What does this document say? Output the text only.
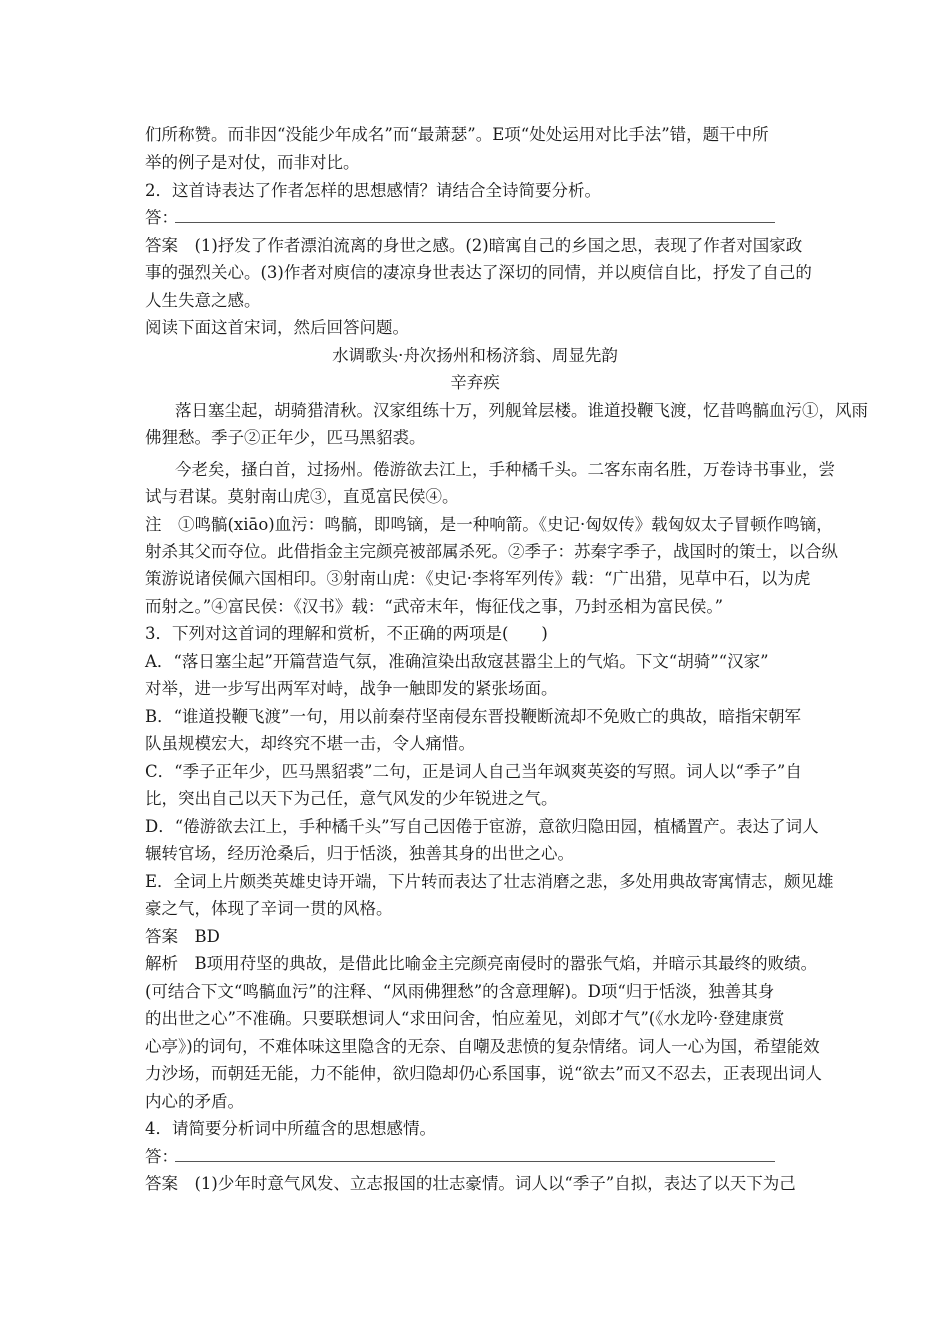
们所称赞。而非因“没能少年成名”而“最萧瑟”。E项“处处运用对比手法”错，题干中所
举的例子是对仗，而非对比。
2．这首诗表达了作者怎样的思想感情？请结合全诗简要分析。
答：
答案　(1)抒发了作者漂泊流离的身世之感。(2)暗寓自己的乡国之思，表现了作者对国家政
事的强烈关心。(3)作者对庾信的凄凉身世表达了深切的同情，并以庾信自比，抒发了自己的
人生失意之感。
阅读下面这首宋词，然后回答问题。
水调歌头·舟次扬州和杨济翁、周显先韵
辛弃疾
落日塞尘起，胡骑猎清秋。汉家组练十万，列舰耸层楼。谁道投鞭飞渡，忆昔鸣髇血污①，风雨
佛狸愁。季子②正年少，匹马黑貂裘。
今老矣，搔白首，过扬州。倦游欲去江上，手种橘千头。二客东南名胜，万卷诗书事业，尝
试与君谋。莫射南山虎③，直觅富民侯④。
注　①鸣髇(xiāo)血污：鸣髇，即鸣镝，是一种响箭。《史记·匈奴传》载匈奴太子冒顿作鸣镝，
射杀其父而夺位。此借指金主完颜亮被部属杀死。②季子：苏秦字季子，战国时的策士，以合纵
策游说诸侯佩六国相印。③射南山虎：《史记·李将军列传》载：“广出猎，见草中石，以为虎
而射之。”④富民侯：《汉书》载：“武帝末年，悔征伐之事，乃封丞相为富民侯。”
3．下列对这首词的理解和赏析，不正确的两项是(　　)
A．“落日塞尘起”开篇营造气氛，准确渲染出敌寇甚嚣尘上的气焰。下文“胡骑”“汉家”
对举，进一步写出两军对峙，战争一触即发的紧张场面。
B．“谁道投鞭飞渡”一句，用以前秦苻坚南侵东晋投鞭断流却不免败亡的典故，暗指宋朝军
队虽规模宏大，却终究不堪一击，令人痛惜。
C．“季子正年少，匹马黑貂裘”二句，正是词人自己当年飒爽英姿的写照。词人以“季子”自
比，突出自己以天下为己任，意气风发的少年锐进之气。
D．“倦游欲去江上，手种橘千头”写自己因倦于宦游，意欲归隐田园，植橘置产。表达了词人
辗转官场，经历沧桑后，归于恬淡，独善其身的出世之心。
E．全词上片颇类英雄史诗开端，下片转而表达了壮志消磨之悲，多处用典故寄寓情志，颇见雄
豪之气，体现了辛词一贯的风格。
答案　BD
解析　B项用苻坚的典故，是借此比喻金主完颜亮南侵时的嚣张气焰，并暗示其最终的败绩。
(可结合下文“鸣髇血污”的注释、“风雨佛狸愁”的含意理解)。D项“归于恬淡，独善其身
的出世之心”不准确。只要联想词人“求田问舍，怕应羞见，刘郎才气”(《水龙吟·登建康赏
心亭》)的词句，不难体味这里隐含的无奈、自嘲及悲愤的复杂情绪。词人一心为国，希望能效
力沙场，而朝廷无能，力不能伸，欲归隐却仍心系国事，说“欲去”而又不忍去，正表现出词人
内心的矛盾。
4．请简要分析词中所蕴含的思想感情。
答：
答案　(1)少年时意气风发、立志报国的壮志豪情。词人以“季子”自拟，表达了以天下为己
